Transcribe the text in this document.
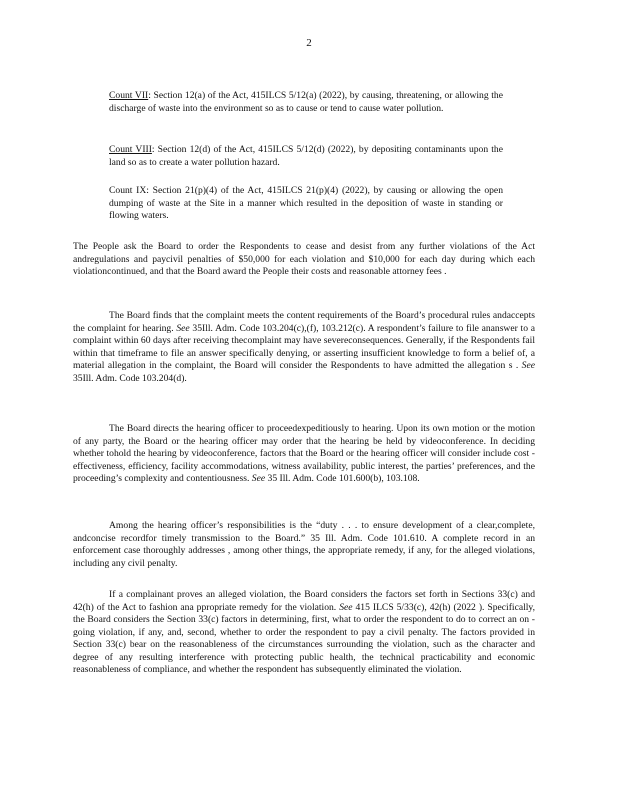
2
Count VII: Section 12(a) of the Act, 415ILCS 5/12(a) (2022), by causing, threatening, or allowing the discharge of waste into the environment so as to cause or tend to cause water pollution.
Count VIII: Section 12(d) of the Act, 415ILCS 5/12(d) (2022), by depositing contaminants upon the land so as to create a water pollution hazard.
Count IX: Section 21(p)(4) of the Act, 415ILCS 21(p)(4) (2022), by causing or allowing the open dumping of waste at the Site in a manner which resulted in the deposition of waste in standing or flowing waters.
The People ask the Board to order the Respondents to cease and desist from any further violations of the Act andregulations and paycivil penalties of $50,000 for each violation and $10,000 for each day during which each violationcontinued, and that the Board award the People their costs and reasonable attorney fees .
The Board finds that the complaint meets the content requirements of the Board’s procedural rules andaccepts the complaint for hearing. See 35Ill. Adm. Code 103.204(c),(f), 103.212(c). A respondent’s failure to file ananswer to a complaint within 60 days after receiving thecomplaint may have severeconsequences. Generally, if the Respondents fail within that timeframe to file an answer specifically denying, or asserting insufficient knowledge to form a belief of, a material allegation in the complaint, the Board will consider the Respondents to have admitted the allegation s . See 35Ill. Adm. Code 103.204(d).
The Board directs the hearing officer to proceedexpeditiously to hearing. Upon its own motion or the motion of any party, the Board or the hearing officer may order that the hearing be held by videoconference. In deciding whether tohold the hearing by videoconference, factors that the Board or the hearing officer will consider include cost -effectiveness, efficiency, facility accommodations, witness availability, public interest, the parties’ preferences, and the proceeding’s complexity and contentiousness. See 35 Ill. Adm. Code 101.600(b), 103.108.
Among the hearing officer’s responsibilities is the “duty . . . to ensure development of a clear,complete, andconcise recordfor timely transmission to the Board.” 35 Ill. Adm. Code 101.610. A complete record in an enforcement case thoroughly addresses , among other things, the appropriate remedy, if any, for the alleged violations, including any civil penalty.
If a complainant proves an alleged violation, the Board considers the factors set forth in Sections 33(c) and 42(h) of the Act to fashion ana ppropriate remedy for the violation. See 415 ILCS 5/33(c), 42(h) (2022 ). Specifically, the Board considers the Section 33(c) factors in determining, first, what to order the respondent to do to correct an on -going violation, if any, and, second, whether to order the respondent to pay a civil penalty. The factors provided in Section 33(c) bear on the reasonableness of the circumstances surrounding the violation, such as the character and degree of any resulting interference with protecting public health, the technical practicability and economic reasonableness of compliance, and whether the respondent has subsequently eliminated the violation.
